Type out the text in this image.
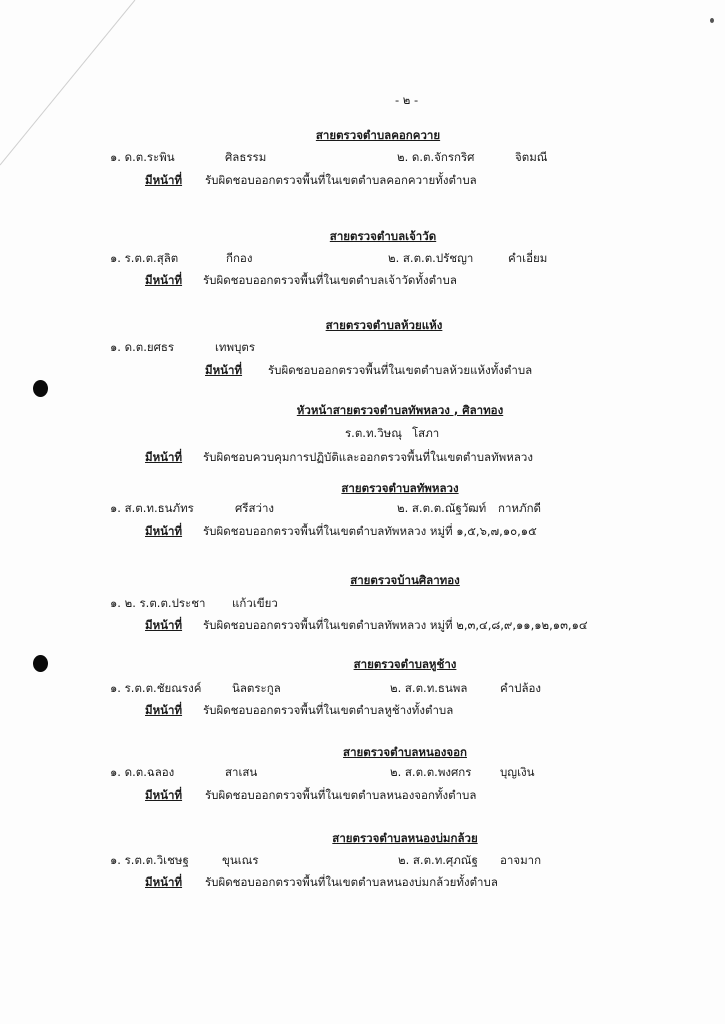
- ๒ -
สายตรวจตำบลคอกควาย
๑. ด.ต.ระพิน	ศิลธรรม	๒. ด.ต.จักรกริศ	จิตมณี
มีหน้าที่ รับผิดชอบออกตรวจพื้นที่ในเขตตำบลคอกควายทั้งตำบล
สายตรวจตำบลเจ้าวัด
๑. ร.ต.ต.สุลิต	กีกอง	๒. ส.ต.ต.ปรัชญา	คำเอี่ยม
มีหน้าที่ รับผิดชอบออกตรวจพื้นที่ในเขตตำบลเจ้าวัดทั้งตำบล
สายตรวจตำบลห้วยแห้ง
๑. ด.ต.ยศธร	เทพบุตร
มีหน้าที่ รับผิดชอบออกตรวจพื้นที่ในเขตตำบลห้วยแห้งทั้งตำบล
หัวหน้าสายตรวจตำบลทัพหลวง , ศิลาทอง
ร.ต.ท.วิษณุ โสภา
มีหน้าที่ รับผิดชอบควบคุมการปฏิบัติและออกตรวจพื้นที่ในเขตตำบลทัพหลวง
สายตรวจตำบลทัพหลวง
๑. ส.ต.ท.ธนภัทร	ศรีสว่าง	๒. ส.ต.ต.ณัฐวัฒท์ กาหภักดี
มีหน้าที่ รับผิดชอบออกตรวจพื้นที่ในเขตตำบลทัพหลวง หมู่ที่ ๑,๕,๖,๗,๑๐,๑๕
สายตรวจบ้านศิลาทอง
๑. ๒. ร.ต.ต.ประชา แก้วเขียว
มีหน้าที่ รับผิดชอบออกตรวจพื้นที่ในเขตตำบลทัพหลวง หมู่ที่ ๒,๓,๔,๘,๙,๑๑,๑๒,๑๓,๑๔
สายตรวจตำบลหูช้าง
๑. ร.ต.ต.ชัยณรงค์	นิลตระกูล	๒. ส.ต.ท.ธนพล	คำปล้อง
มีหน้าที่ รับผิดชอบออกตรวจพื้นที่ในเขตตำบลหูช้างทั้งตำบล
สายตรวจตำบลหนองจอก
๑. ด.ต.ฉลอง	สาเสน	๒. ส.ต.ต.พงศกร บุญเงิน
มีหน้าที่ รับผิดชอบออกตรวจพื้นที่ในเขตตำบลหนองจอกทั้งตำบล
สายตรวจตำบลหนองบ่มกล้วย
๑. ร.ต.ต.วิเชษฐ	ขุนเณร	๒. ส.ต.ท.ศุภณัฐ อาจมาก
มีหน้าที่ รับผิดชอบออกตรวจพื้นที่ในเขตตำบลหนองบ่มกล้วยทั้งตำบล
